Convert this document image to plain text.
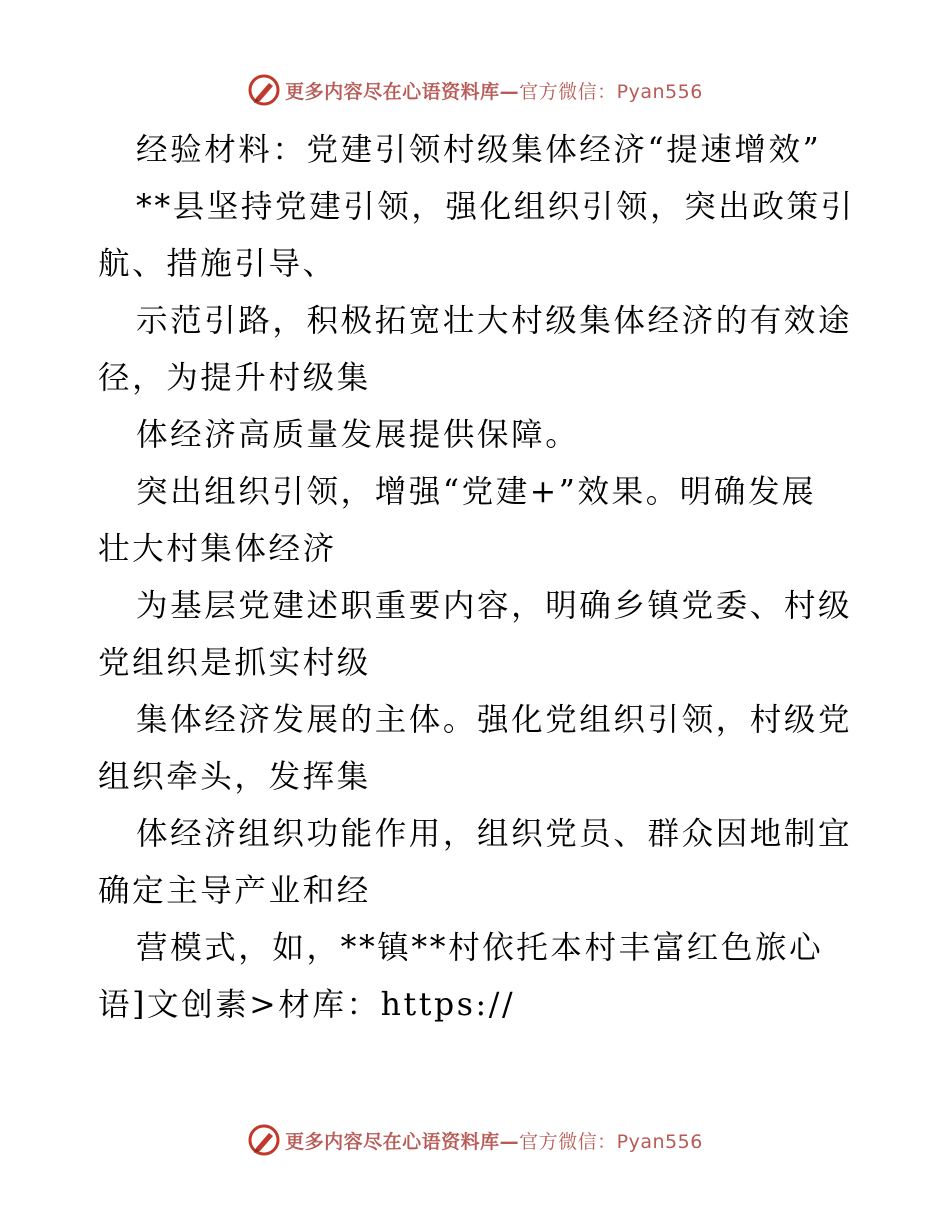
更多内容尽在心语资料库—官方微信：Pyan556
经验材料：党建引领村级集体经济“提速增效”
**县坚持党建引领，强化组织引领，突出政策引
航、措施引导、
示范引路，积极拓宽壮大村级集体经济的有效途
径，为提升村级集
体经济高质量发展提供保障。
突出组织引领，增强“党建+”效果。明确发展
壮大村集体经济
为基层党建述职重要内容，明确乡镇党委、村级
党组织是抓实村级
集体经济发展的主体。强化党组织引领，村级党
组织牵头，发挥集
体经济组织功能作用，组织党员、群众因地制宜
确定主导产业和经
营模式，如，**镇**村依托本村丰富红色旅心
语]文创素>材库：https://
更多内容尽在心语资料库—官方微信：Pyan556
